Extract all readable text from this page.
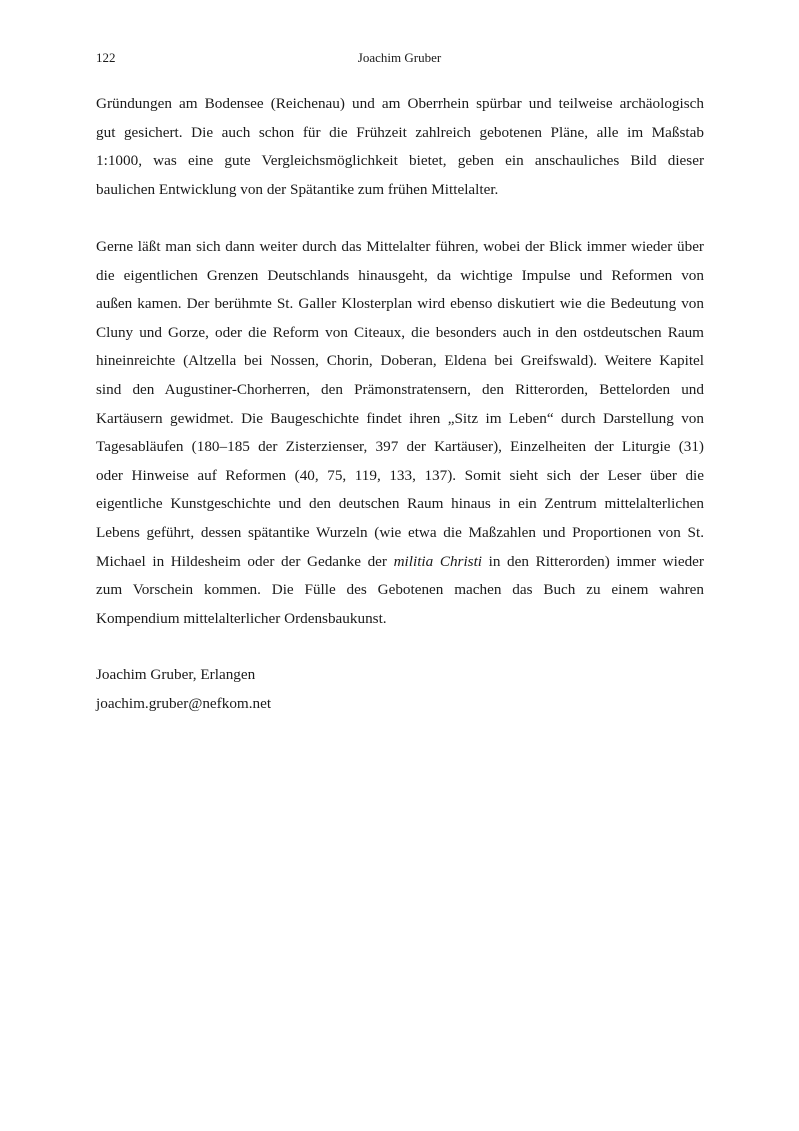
122	Joachim Gruber
Gründungen am Bodensee (Reichenau) und am Oberrhein spürbar und teilweise archäologisch
gut gesichert. Die auch schon für die Frühzeit zahlreich gebotenen Pläne, alle im Maßstab
1:1000, was eine gute Vergleichsmöglichkeit bietet, geben ein anschauliches Bild dieser
baulichen Entwicklung von der Spätantike zum frühen Mittelalter.
Gerne läßt man sich dann weiter durch das Mittelalter führen, wobei der Blick immer wieder über
die eigentlichen Grenzen Deutschlands hinausgeht, da wichtige Impulse und Reformen von
außen kamen. Der berühmte St. Galler Klosterplan wird ebenso diskutiert wie die Bedeutung von
Cluny und Gorze, oder die Reform von Citeaux, die besonders auch in den ostdeutschen Raum
hineinreichte (Altzella bei Nossen, Chorin, Doberan, Eldena bei Greifswald). Weitere Kapitel
sind den Augustiner-Chorherren, den Prämonstratensern, den Ritterorden, Bettelorden und
Kartäusern gewidmet. Die Baugeschichte findet ihren „Sitz im Leben“ durch Darstellung von
Tagesabläufen (180–185 der Zisterzienser, 397 der Kartäuser), Einzelheiten der Liturgie (31)
oder Hinweise auf Reformen (40, 75, 119, 133, 137). Somit sieht sich der Leser über die
eigentliche Kunstgeschichte und den deutschen Raum hinaus in ein Zentrum mittelalterlichen
Lebens geführt, dessen spätantike Wurzeln (wie etwa die Maßzahlen und Proportionen von St.
Michael in Hildesheim oder der Gedanke der militia Christi in den Ritterorden) immer wieder
zum Vorschein kommen. Die Fülle des Gebotenen machen das Buch zu einem wahren
Kompendium mittelalterlicher Ordensbaukunst.
Joachim Gruber, Erlangen
joachim.gruber@nefkom.net
